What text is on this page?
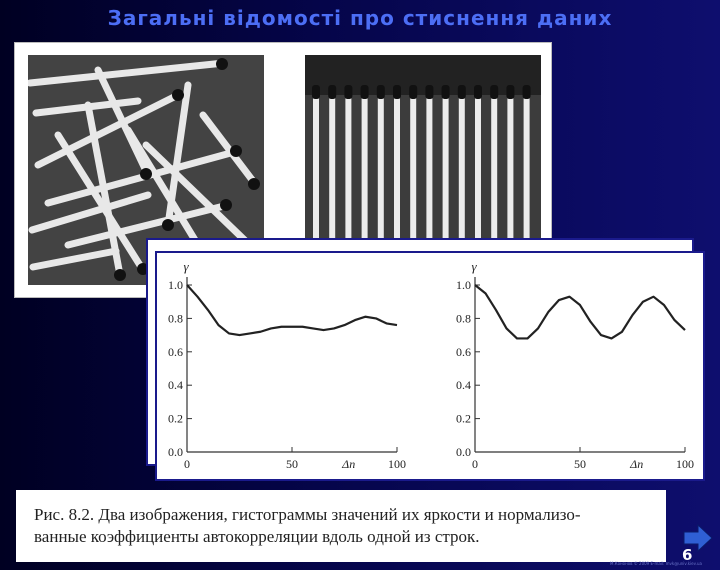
Загальні відомості про стиснення даних
γ
0.0
0.2
0.4
0.6
0.8
1.0
0	50	100
Δn
γ
0.0
0.2
0.4
0.6
0.8
1.0
0	50	100
Δn
Рис. 8.2. Два изображения, гистограммы значений их яркости и нормализо-
ванные коэффициенты автокорреляции вдоль одной из строк.
6
М.Кононов © 2009 E-mail: mvk@univ.kiev.ua
